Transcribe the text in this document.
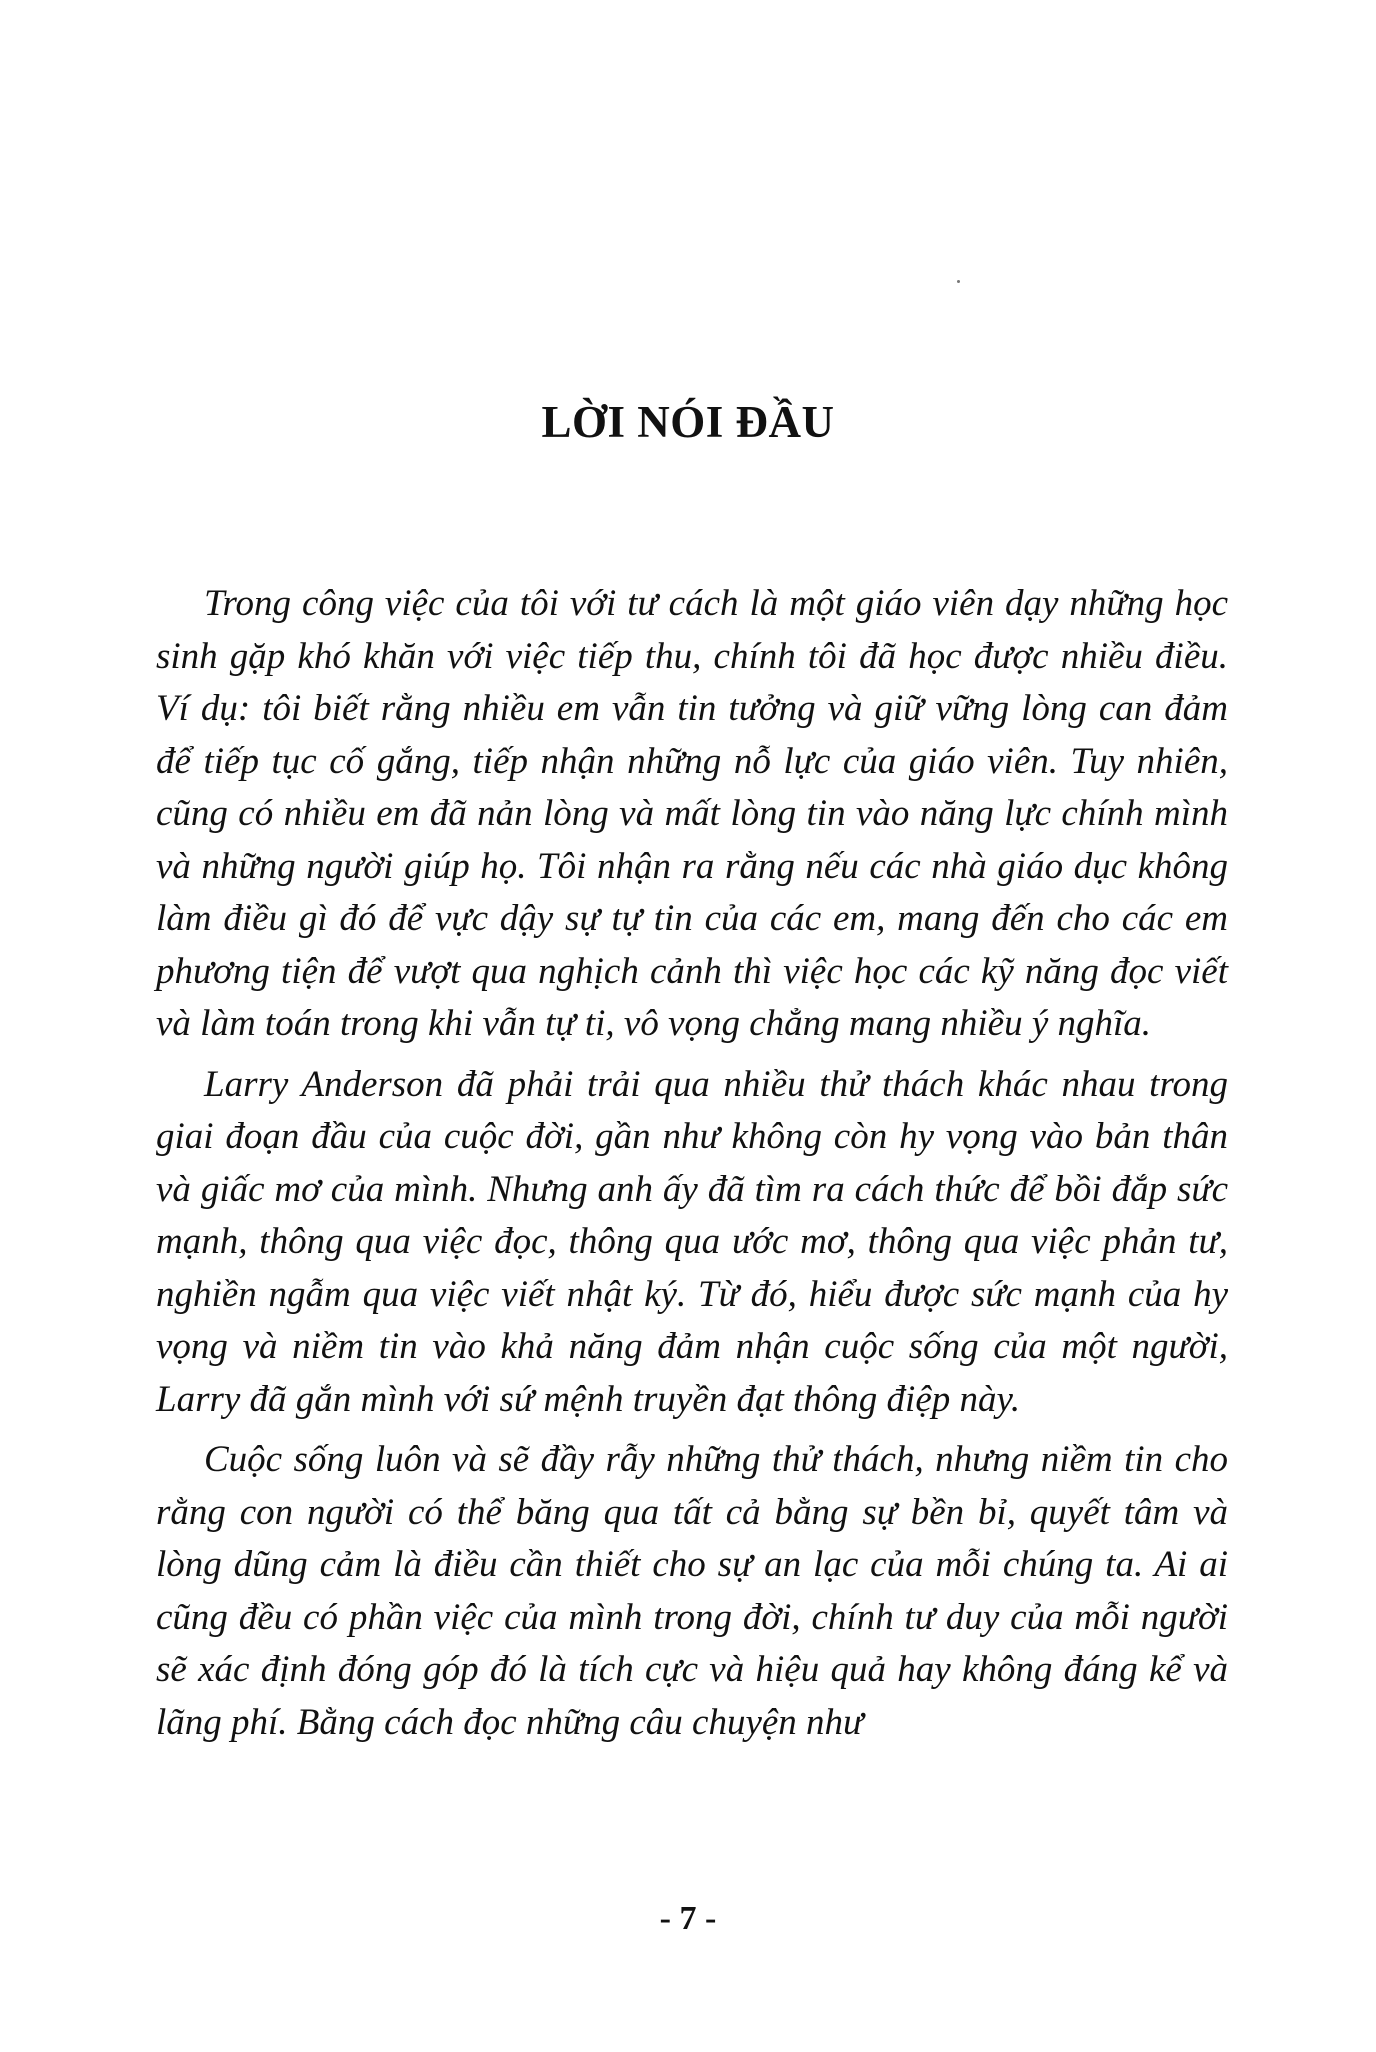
LỜI NÓI ĐẦU

Trong công việc của tôi với tư cách là một giáo viên dạy những học sinh gặp khó khăn với việc tiếp thu, chính tôi đã học được nhiều điều. Ví dụ: tôi biết rằng nhiều em vẫn tin tưởng và giữ vững lòng can đảm để tiếp tục cố gắng, tiếp nhận những nỗ lực của giáo viên. Tuy nhiên, cũng có nhiều em đã nản lòng và mất lòng tin vào năng lực chính mình và những người giúp họ. Tôi nhận ra rằng nếu các nhà giáo dục không làm điều gì đó để vực dậy sự tự tin của các em, mang đến cho các em phương tiện để vượt qua nghịch cảnh thì việc học các kỹ năng đọc viết và làm toán trong khi vẫn tự ti, vô vọng chẳng mang nhiều ý nghĩa.

Larry Anderson đã phải trải qua nhiều thử thách khác nhau trong giai đoạn đầu của cuộc đời, gần như không còn hy vọng vào bản thân và giấc mơ của mình. Nhưng anh ấy đã tìm ra cách thức để bồi đắp sức mạnh, thông qua việc đọc, thông qua ước mơ, thông qua việc phản tư, nghiền ngẫm qua việc viết nhật ký. Từ đó, hiểu được sức mạnh của hy vọng và niềm tin vào khả năng đảm nhận cuộc sống của một người, Larry đã gắn mình với sứ mệnh truyền đạt thông điệp này.

Cuộc sống luôn và sẽ đầy rẫy những thử thách, nhưng niềm tin cho rằng con người có thể băng qua tất cả bằng sự bền bỉ, quyết tâm và lòng dũng cảm là điều cần thiết cho sự an lạc của mỗi chúng ta. Ai ai cũng đều có phần việc của mình trong đời, chính tư duy của mỗi người sẽ xác định đóng góp đó là tích cực và hiệu quả hay không đáng kể và lãng phí. Bằng cách đọc những câu chuyện như

- 7 -
